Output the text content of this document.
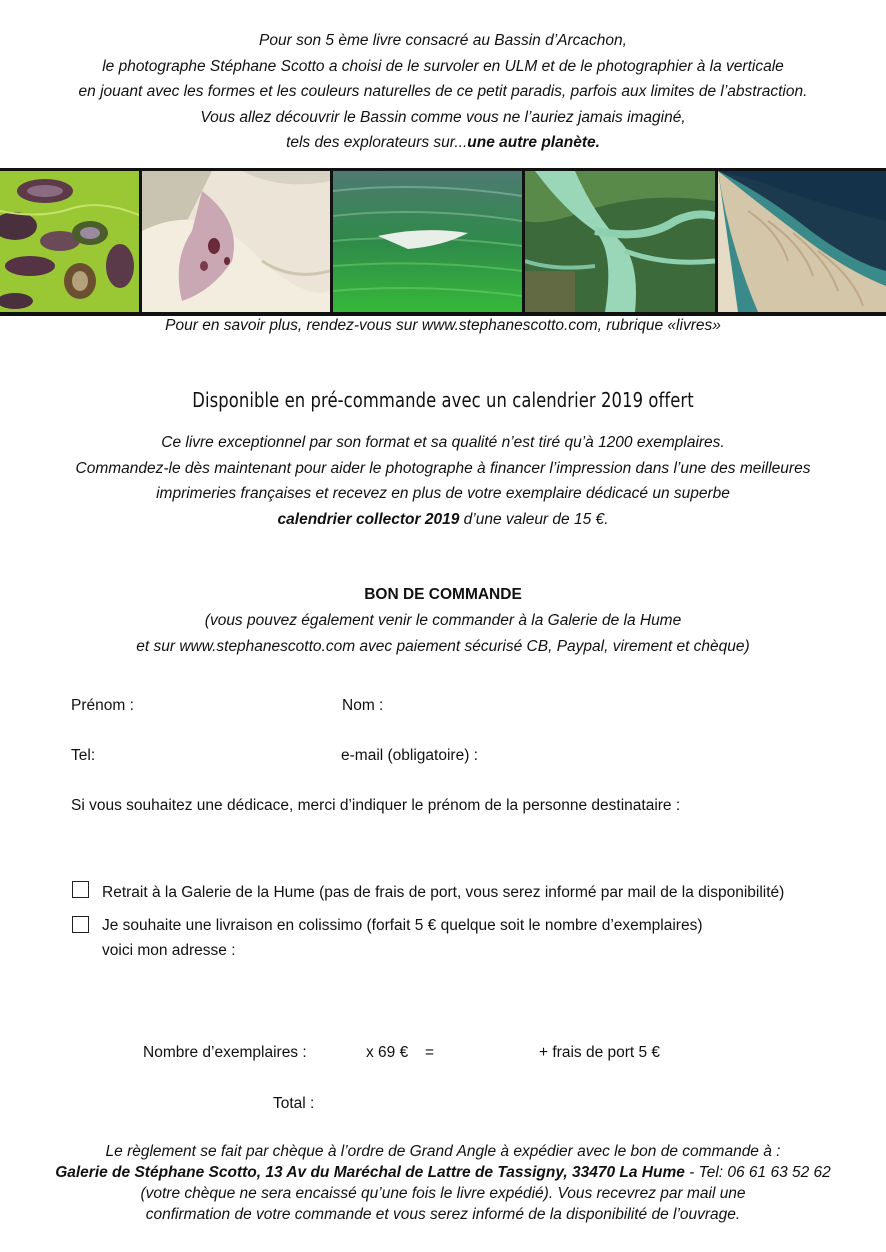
Pour son 5 ème livre consacré au Bassin d’Arcachon,

le photographe Stéphane Scotto a choisi de le survoler en ULM et de le photographier à la verticale

en jouant avec les formes et les couleurs naturelles de ce petit paradis, parfois aux limites de l’abstraction.

Vous allez découvrir le Bassin comme vous ne l’auriez jamais imaginé,

tels des explorateurs sur...une autre planète.

Pour en savoir plus, rendez-vous sur www.stephanescotto.com, rubrique «livres»
Disponible en pré-commande avec un calendrier 2019 offert

Ce livre exceptionnel par son format et sa qualité n’est tiré qu’à 1200 exemplaires.

Commandez-le dès maintenant pour aider le photographe à financer l’impression dans l’une des meilleures

imprimeries françaises et recevez en plus de votre exemplaire dédicacé un superbe

calendrier collector 2019 d’une valeur de 15 €.

BON DE COMMANDE

(vous pouvez également venir le commander à la Galerie de la Hume

et sur www.stephanescotto.com avec paiement sécurisé CB, Paypal, virement et chèque)

Prénom :	Nom :
Tel:	e-mail (obligatoire) :
Si vous souhaitez une dédicace, merci d’indiquer le prénom de la personne destinataire :
Retrait à la Galerie de la Hume (pas de frais de port, vous serez informé par mail de la disponibilité)
Je souhaite une livraison en colissimo (forfait 5 € quelque soit le nombre d’exemplaires)
voici mon adresse :
Nombre d’exemplaires :	x 69 € =	+ frais de port 5 €
Total :

Le règlement se fait par chèque à l’ordre de Grand Angle à expédier avec le bon de commande à :

Galerie de Stéphane Scotto, 13 Av du Maréchal de Lattre de Tassigny, 33470 La Hume - Tel: 06 61 63 52 62

(votre chèque ne sera encaissé qu’une fois le livre expédié). Vous recevrez par mail une

confirmation de votre commande et vous serez informé de la disponibilité de l’ouvrage.
